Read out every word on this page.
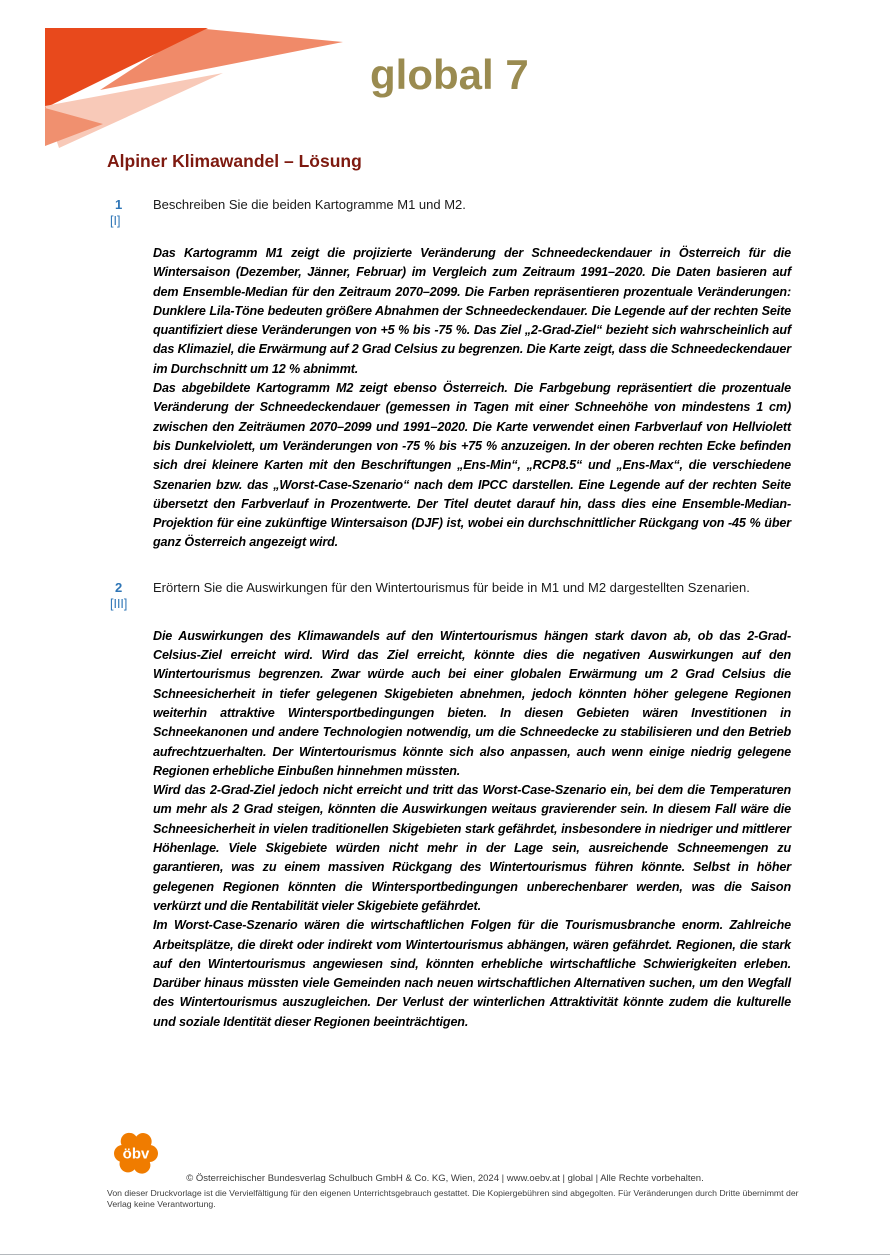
global 7
Alpiner Klimawandel – Lösung
1
[I]
Beschreiben Sie die beiden Kartogramme M1 und M2.

Das Kartogramm M1 zeigt die projizierte Veränderung der Schneedeckendauer in Österreich für die Wintersaison (Dezember, Jänner, Februar) im Vergleich zum Zeitraum 1991–2020. Die Daten basieren auf dem Ensemble-Median für den Zeitraum 2070–2099. Die Farben repräsentieren prozentuale Veränderungen: Dunklere Lila-Töne bedeuten größere Abnahmen der Schneedeckendauer. Die Legende auf der rechten Seite quantifiziert diese Veränderungen von +5 % bis -75 %. Das Ziel „2-Grad-Ziel“ bezieht sich wahrscheinlich auf das Klimaziel, die Erwärmung auf 2 Grad Celsius zu begrenzen. Die Karte zeigt, dass die Schneedeckendauer im Durchschnitt um 12 % abnimmt.

Das abgebildete Kartogramm M2 zeigt ebenso Österreich. Die Farbgebung repräsentiert die prozentuale Veränderung der Schneedeckendauer (gemessen in Tagen mit einer Schneehöhe von mindestens 1 cm) zwischen den Zeiträumen 2070–2099 und 1991–2020. Die Karte verwendet einen Farbverlauf von Hellviolett bis Dunkelviolett, um Veränderungen von -75 % bis +75 % anzuzeigen. In der oberen rechten Ecke befinden sich drei kleinere Karten mit den Beschriftungen „Ens-Min“, „RCP8.5“ und „Ens-Max“, die verschiedene Szenarien bzw. das „Worst-Case-Szenario“ nach dem IPCC darstellen. Eine Legende auf der rechten Seite übersetzt den Farbverlauf in Prozentwerte. Der Titel deutet darauf hin, dass dies eine Ensemble-Median-Projektion für eine zukünftige Wintersaison (DJF) ist, wobei ein durchschnittlicher Rückgang von -45 % über ganz Österreich angezeigt wird.

2
[III]
Erörtern Sie die Auswirkungen für den Wintertourismus für beide in M1 und M2 dargestellten Szenarien.

Die Auswirkungen des Klimawandels auf den Wintertourismus hängen stark davon ab, ob das 2-Grad-Celsius-Ziel erreicht wird. Wird das Ziel erreicht, könnte dies die negativen Auswirkungen auf den Wintertourismus begrenzen. Zwar würde auch bei einer globalen Erwärmung um 2 Grad Celsius die Schneesicherheit in tiefer gelegenen Skigebieten abnehmen, jedoch könnten höher gelegene Regionen weiterhin attraktive Wintersportbedingungen bieten. In diesen Gebieten wären Investitionen in Schneekanonen und andere Technologien notwendig, um die Schneedecke zu stabilisieren und den Betrieb aufrechtzuerhalten. Der Wintertourismus könnte sich also anpassen, auch wenn einige niedrig gelegene Regionen erhebliche Einbußen hinnehmen müssten.

Wird das 2-Grad-Ziel jedoch nicht erreicht und tritt das Worst-Case-Szenario ein, bei dem die Temperaturen um mehr als 2 Grad steigen, könnten die Auswirkungen weitaus gravierender sein. In diesem Fall wäre die Schneesicherheit in vielen traditionellen Skigebieten stark gefährdet, insbesondere in niedriger und mittlerer Höhenlage. Viele Skigebiete würden nicht mehr in der Lage sein, ausreichende Schneemengen zu garantieren, was zu einem massiven Rückgang des Wintertourismus führen könnte. Selbst in höher gelegenen Regionen könnten die Wintersportbedingungen unberechenbarer werden, was die Saison verkürzt und die Rentabilität vieler Skigebiete gefährdet.

Im Worst-Case-Szenario wären die wirtschaftlichen Folgen für die Tourismusbranche enorm. Zahlreiche Arbeitsplätze, die direkt oder indirekt vom Wintertourismus abhängen, wären gefährdet. Regionen, die stark auf den Wintertourismus angewiesen sind, könnten erhebliche wirtschaftliche Schwierigkeiten erleben. Darüber hinaus müssten viele Gemeinden nach neuen wirtschaftlichen Alternativen suchen, um den Wegfall des Wintertourismus auszugleichen. Der Verlust der winterlichen Attraktivität könnte zudem die kulturelle und soziale Identität dieser Regionen beeinträchtigen.

öbv
© Österreichischer Bundesverlag Schulbuch GmbH & Co. KG, Wien, 2024 | www.oebv.at | global | Alle Rechte vorbehalten.
Von dieser Druckvorlage ist die Vervielfältigung für den eigenen Unterrichtsgebrauch gestattet. Die Kopiergebühren sind abgegolten. Für Veränderungen durch Dritte übernimmt der
Verlag keine Verantwortung.
